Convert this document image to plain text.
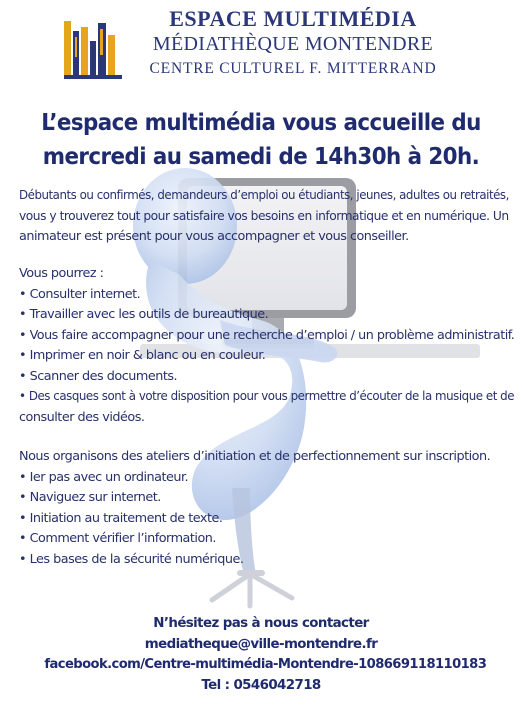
ESPACE MULTIMÉDIA
MÉDIATHÈQUE MONTENDRE
CENTRE CULTUREL F. MITTERRAND
L’espace multimédia vous accueille du
mercredi au samedi de 14h30h à 20h.
Débutants ou confirmés, demandeurs d’emploi ou étudiants, jeunes, adultes ou retraités,
vous y trouverez tout pour satisfaire vos besoins en informatique et en numérique. Un
animateur est présent pour vous accompagner et vous conseiller.
Vous pourrez :
• Consulter internet.
• Travailler avec les outils de bureautique.
• Vous faire accompagner pour une recherche d’emploi / un problème administratif.
• Imprimer en noir & blanc ou en couleur.
• Scanner des documents.
• Des casques sont à votre disposition pour vous permettre d’écouter de la musique et de
consulter des vidéos.
Nous organisons des ateliers d’initiation et de perfectionnement sur inscription.
• Ier pas avec un ordinateur.
• Naviguez sur internet.
• Initiation au traitement de texte.
• Comment vérifier l’information.
• Les bases de la sécurité numérique.
N’hésitez pas à nous contacter
mediatheque@ville-montendre.fr
facebook.com/Centre-multimédia-Montendre-108669118110183
Tel : 0546042718
